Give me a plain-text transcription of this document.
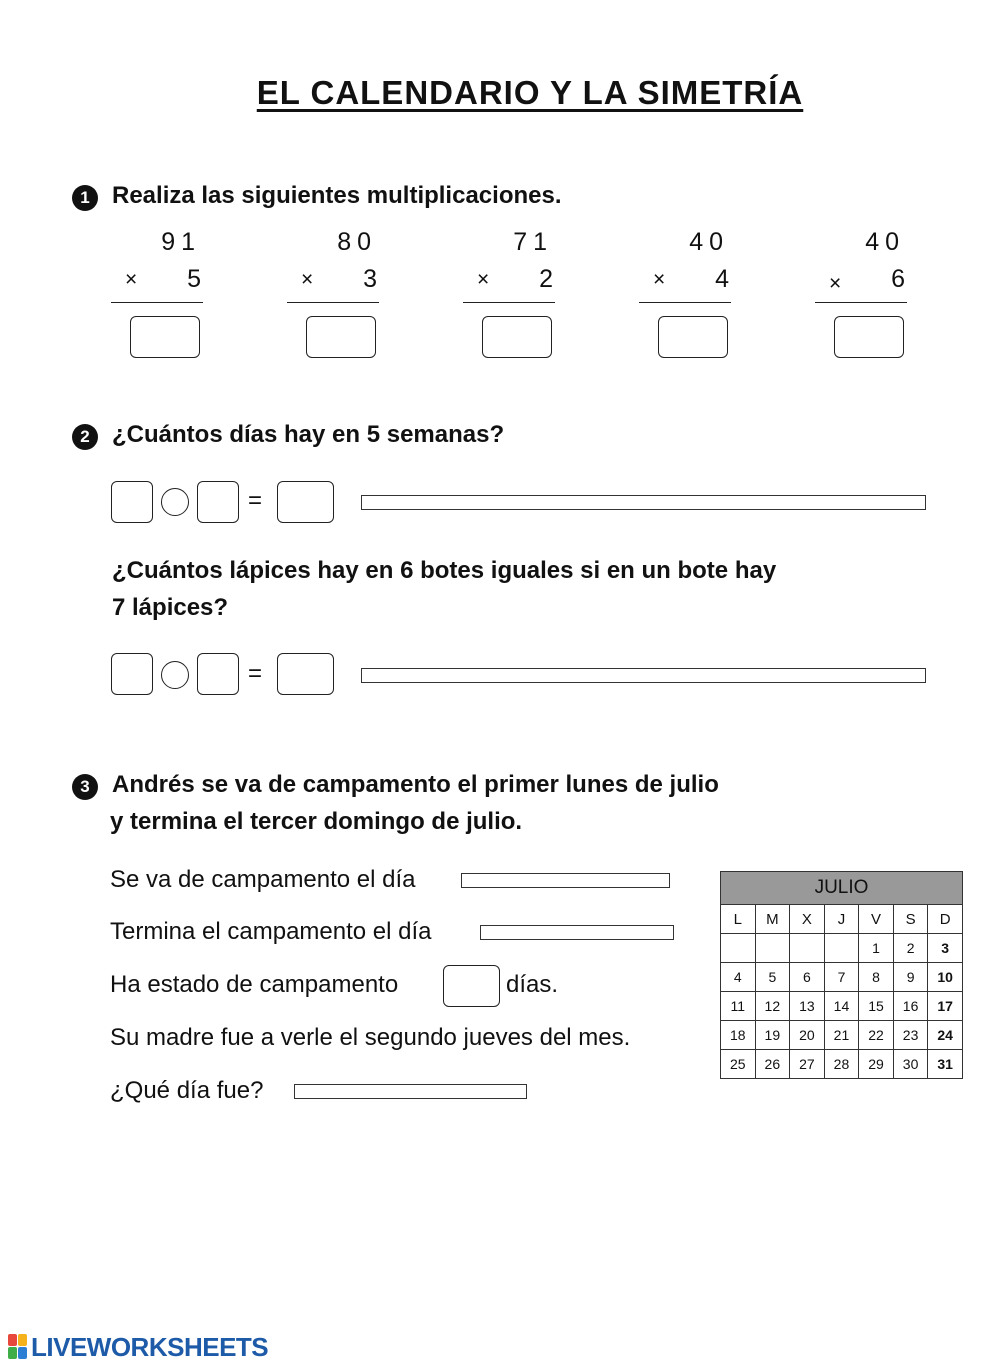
EL CALENDARIO Y LA SIMETRÍA
1 Realiza las siguientes multiplicaciones.
91
× 5
80
× 3
71
× 2
40
× 4
40
× 6
2 ¿Cuántos días hay en 5 semanas?
=
¿Cuántos lápices hay en 6 botes iguales si en un bote hay
7 lápices?
=
3 Andrés se va de campamento el primer lunes de julio
y termina el tercer domingo de julio.
Se va de campamento el día
Termina el campamento el día
Ha estado de campamento	días.
Su madre fue a verle el segundo jueves del mes.
¿Qué día fue?
JULIO						
L	M	X	J	V	S	D
				1	2	3
4	5	6	7	8	9	10
11	12	13	14	15	16	17
18	19	20	21	22	23	24
25	26	27	28	29	30	31
LIVEWORKSHEETS
